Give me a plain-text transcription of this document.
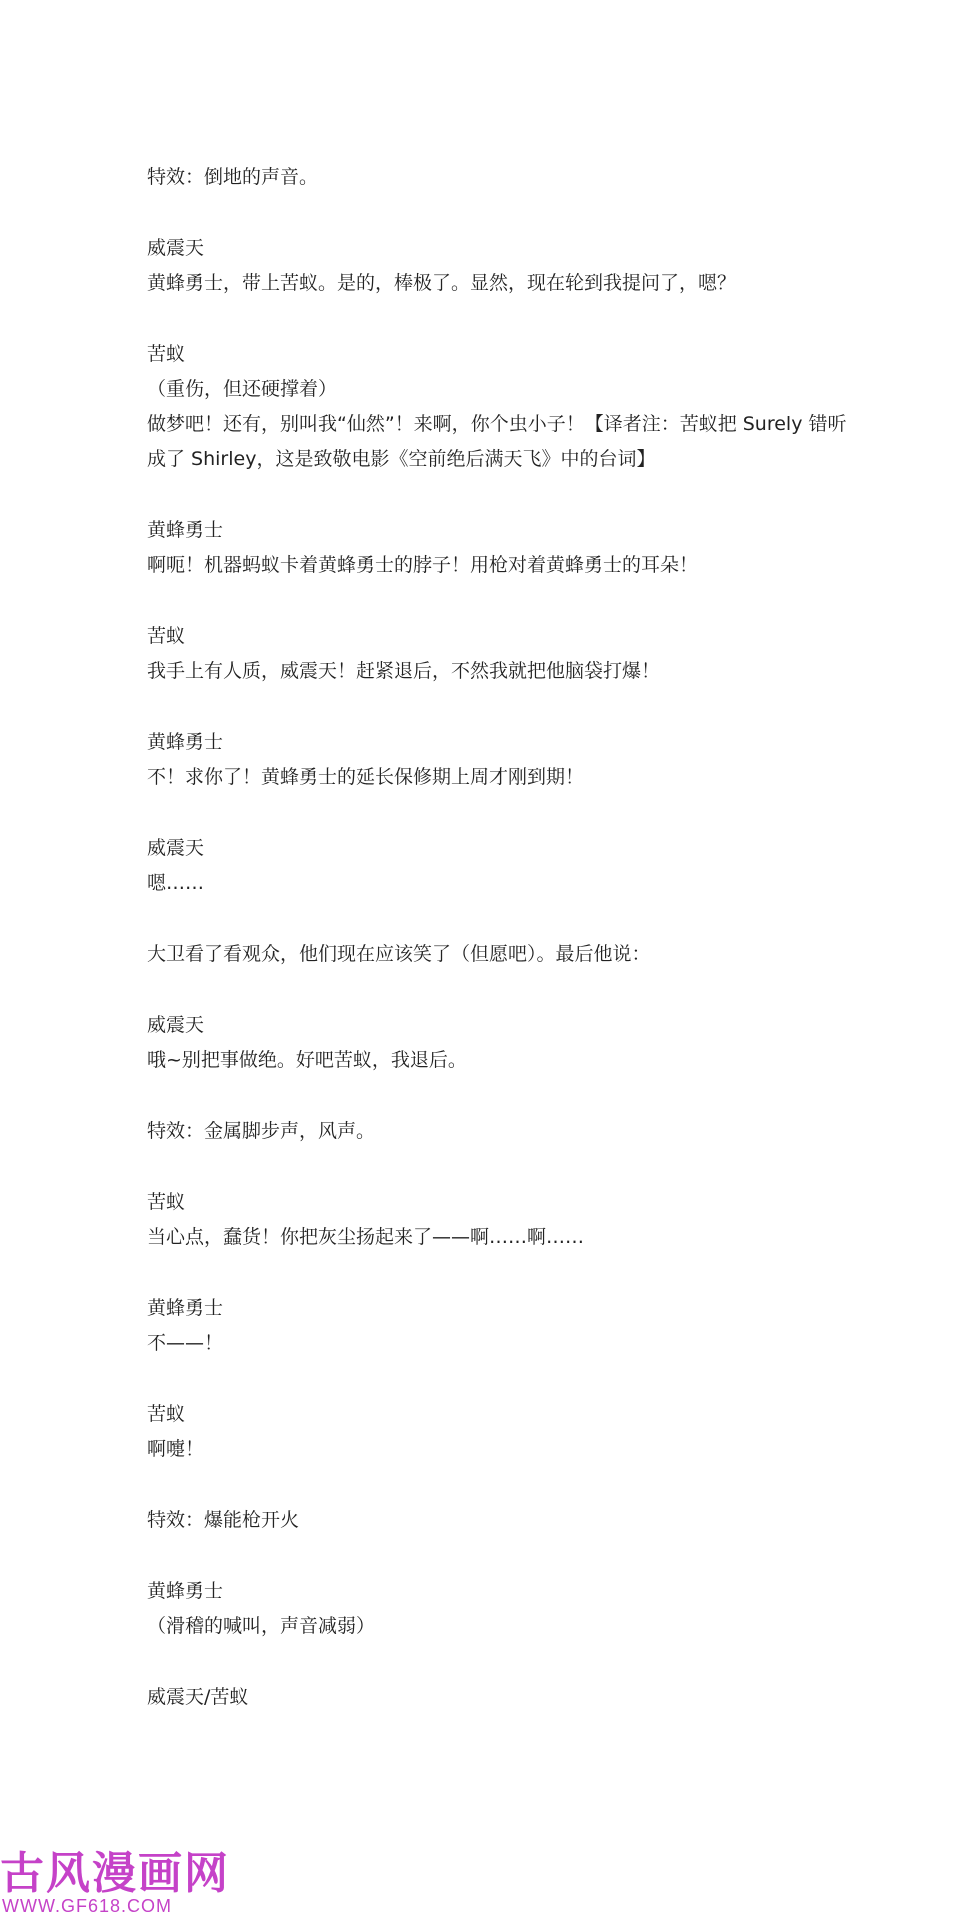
特效：倒地的声音。
威震天
黄蜂勇士，带上苦蚁。是的，棒极了。显然，现在轮到我提问了，嗯？
苦蚁
（重伤，但还硬撑着）
做梦吧！还有，别叫我“仙然”！来啊，你个虫小子！【译者注：苦蚁把 Surely 错听成了 Shirley，这是致敬电影《空前绝后满天飞》中的台词】
黄蜂勇士
啊呃！机器蚂蚁卡着黄蜂勇士的脖子！用枪对着黄蜂勇士的耳朵！
苦蚁
我手上有人质，威震天！赶紧退后，不然我就把他脑袋打爆！
黄蜂勇士
不！求你了！黄蜂勇士的延长保修期上周才刚到期！
威震天
嗯……
大卫看了看观众，他们现在应该笑了（但愿吧）。最后他说：
威震天
哦~别把事做绝。好吧苦蚁，我退后。
特效：金属脚步声，风声。
苦蚁
当心点，蠢货！你把灰尘扬起来了——啊……啊……
黄蜂勇士
不——！
苦蚁
啊嚏！
特效：爆能枪开火
黄蜂勇士
（滑稽的喊叫，声音减弱）
威震天/苦蚁
古风漫画网
WWW.GF618.COM
